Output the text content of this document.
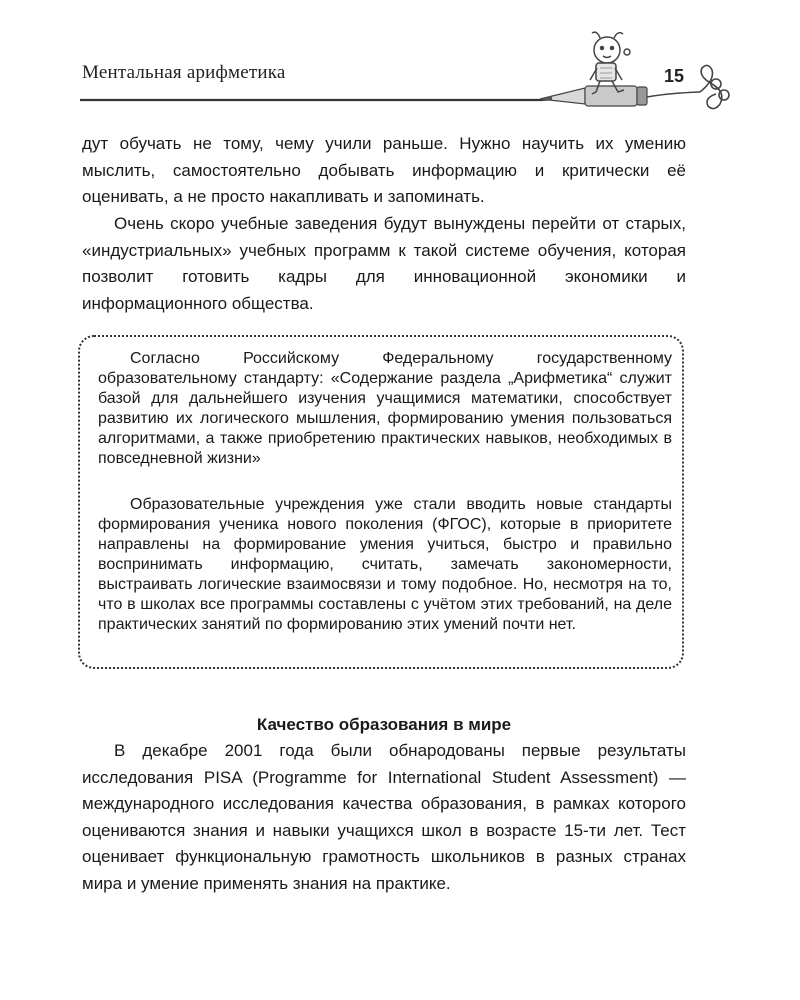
Ментальная арифметика	15

дут обучать не тому, чему учили раньше. Нужно научить их умению мыслить, самостоятельно добывать информацию и критически её оценивать, а не просто накапливать и запоминать.

Очень скоро учебные заведения будут вынуждены перейти от старых, «индустриальных» учебных программ к такой системе обучения, которая позволит готовить кадры для инновационной экономики и информационного общества.

Согласно Российскому Федеральному государственному образовательному стандарту: «Содержание раздела „Арифметика“ служит базой для дальнейшего изучения учащимися математики, способствует развитию их логического мышления, формированию умения пользоваться алгоритмами, а также приобретению практических навыков, необходимых в повседневной жизни»

Образовательные учреждения уже стали вводить новые стандарты формирования ученика нового поколения (ФГОС), которые в приоритете направлены на формирование умения учиться, быстро и правильно воспринимать информацию, считать, замечать закономерности, выстраивать логические взаимосвязи и тому подобное. Но, несмотря на то, что в школах все программы составлены с учётом этих требований, на деле практических занятий по формированию этих умений почти нет.

Качество образования в мире

В декабре 2001 года были обнародованы первые результаты исследования PISA (Programme for International Student Assessment) — международного исследования качества образования, в рамках которого оцениваются знания и навыки учащихся школ в возрасте 15-ти лет. Тест оценивает функциональную грамотность школьников в разных странах мира и умение применять знания на практике.
